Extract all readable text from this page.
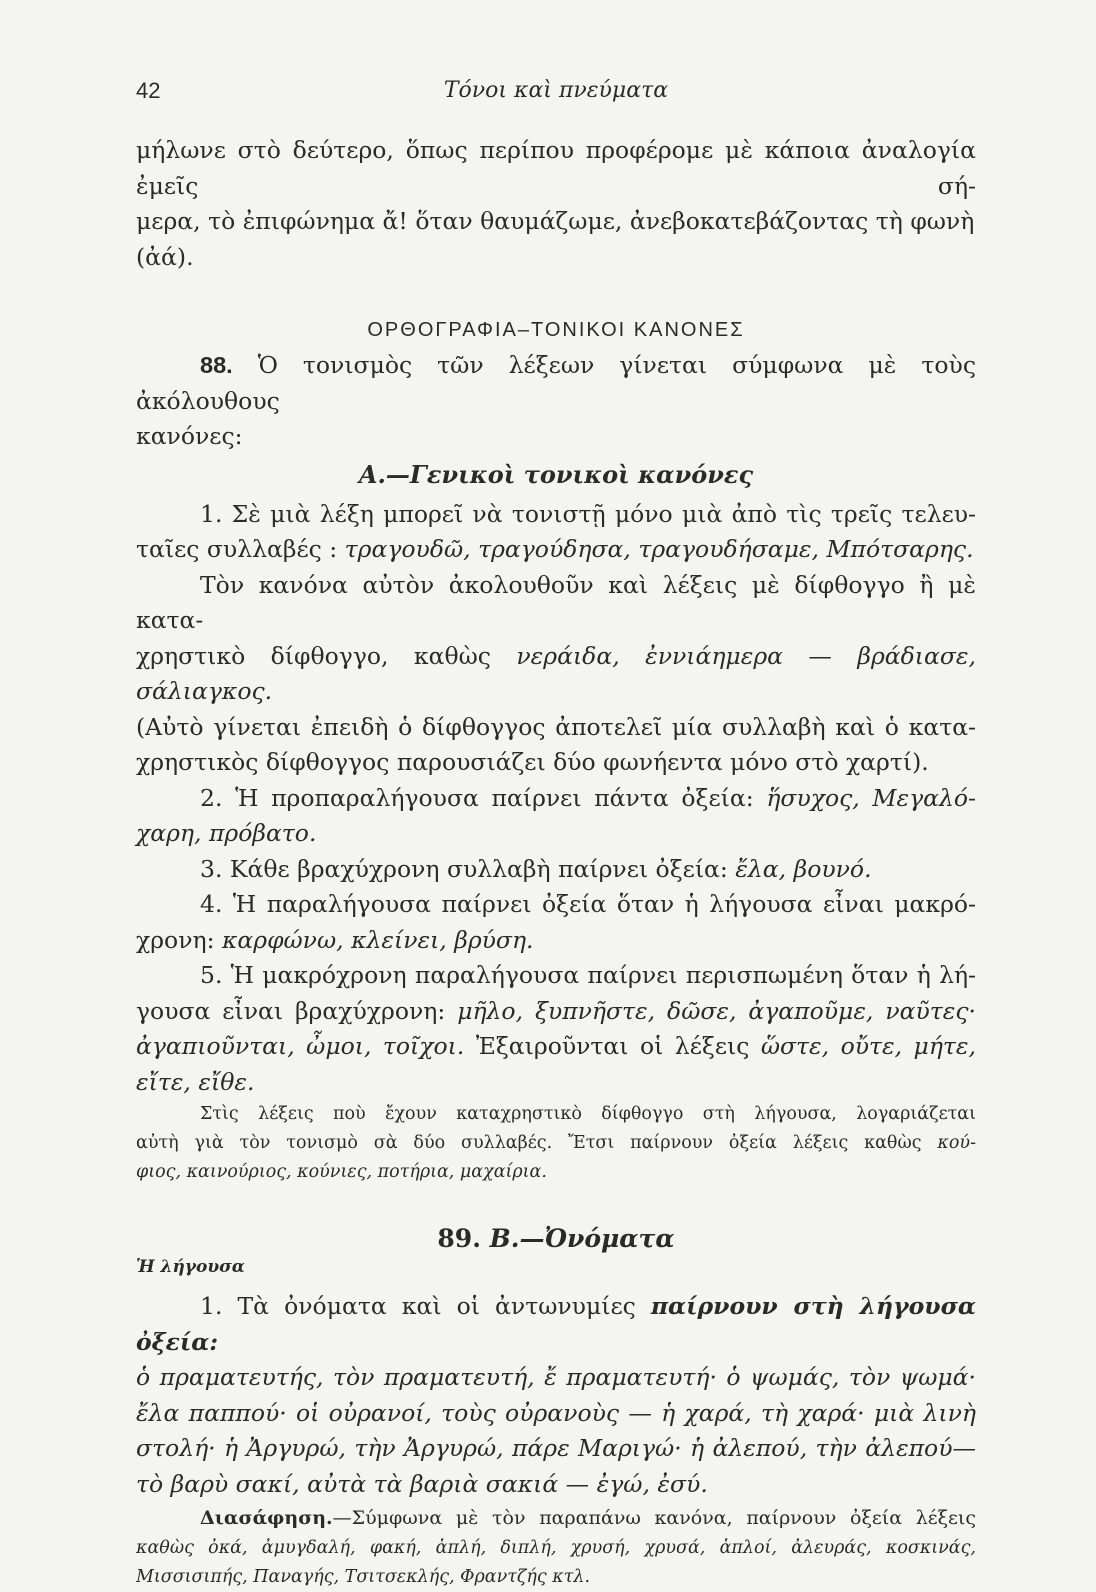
42	Τόνοι καὶ πνεύματα

μήλωνε στὸ δεύτερο, ὅπως περίπου προφέρομε μὲ κάποια ἀναλογία ἐμεῖς σή-

μερα, τὸ ἐπιφώνημα ἄ! ὅταν θαυμάζωμε, ἀνεβοκατεβάζοντας τὴ φωνὴ (ἀά).

ΟΡΘΟΓΡΑΦΙΑ–ΤΟΝΙΚΟΙ ΚΑΝΟΝΕΣ

88. Ὁ τονισμὸς τῶν λέξεων γίνεται σύμφωνα μὲ τοὺς ἀκόλουθους

κανόνες:

Α.—Γενικοὶ τονικοὶ κανόνες

1. Σὲ μιὰ λέξη μπορεῖ νὰ τονιστῇ μόνο μιὰ ἀπὸ τὶς τρεῖς τελευ-

ταῖες συλλαβές : τραγουδῶ, τραγούδησα, τραγουδήσαμε, Μπότσαρης.

Τὸν κανόνα αὐτὸν ἀκολουθοῦν καὶ λέξεις μὲ δίφθογγο ἢ μὲ κατα-

χρηστικὸ δίφθογγο, καθὼς νεράιδα, ἐννιάημερα — βράδιασε, σάλιαγκος.

(Αὐτὸ γίνεται ἐπειδὴ ὁ δίφθογγος ἀποτελεῖ μία συλλαβὴ καὶ ὁ κατα-

χρηστικὸς δίφθογγος παρουσιάζει δύο φωνήεντα μόνο στὸ χαρτί).

2. Ἡ προπαραλήγουσα παίρνει πάντα ὀξεία: ἥσυχος, Μεγαλό-

χαρη, πρόβατο.

3. Κάθε βραχύχρονη συλλαβὴ παίρνει ὀξεία: ἔλα, βουνό.

4. Ἡ παραλήγουσα παίρνει ὀξεία ὅταν ἡ λήγουσα εἶναι μακρό-

χρονη: καρφώνω, κλείνει, βρύση.

5. Ἡ μακρόχρονη παραλήγουσα παίρνει περισπωμένη ὅταν ἡ λή-

γουσα εἶναι βραχύχρονη: μῆλο, ξυπνῆστε, δῶσε, ἀγαποῦμε, ναῦτες·

ἀγαπιοῦνται, ὦμοι, τοῖχοι. Ἐξαιροῦνται οἱ λέξεις ὥστε, οὔτε, μήτε,

εἴτε, εἴθε.

Στὶς λέξεις ποὺ ἔχουν καταχρηστικὸ δίφθογγο στὴ λήγουσα, λογαριάζεται

αὐτὴ γιὰ τὸν τονισμὸ σὰ δύο συλλαβές. Ἔτσι παίρνουν ὀξεία λέξεις καθὼς κού-

φιος, καινούριος, κούνιες, ποτήρια, μαχαίρια.

89. Β.—Ὀνόματα
Ἡ λήγουσα

1. Τὰ ὀνόματα καὶ οἱ ἀντωνυμίες παίρνουν στὴ λήγουσα ὀξεία:

ὁ πραματευτής, τὸν πραματευτή, ἔ πραματευτή· ὁ ψωμάς, τὸν ψωμά·

ἔλα παππού· οἱ οὐρανοί, τοὺς οὐρανοὺς — ἡ χαρά, τὴ χαρά· μιὰ λινὴ

στολή· ἡ Ἀργυρώ, τὴν Ἀργυρώ, πάρε Μαριγώ· ἡ ἀλεπού, τὴν ἀλεπού—

τὸ βαρὺ σακί, αὐτὰ τὰ βαριὰ σακιά — ἐγώ, ἐσύ.

Διασάφηση.—Σύμφωνα μὲ τὸν παραπάνω κανόνα, παίρνουν ὀξεία λέξεις

καθὼς ὀκά, ἀμυγδαλή, φακή, ἁπλή, διπλή, χρυσή, χρυσά, ἁπλοί, ἀλευράς, κοσκινάς,

Μισσισιπής, Παναγής, Τσιτσεκλής, Φραντζής κτλ.
